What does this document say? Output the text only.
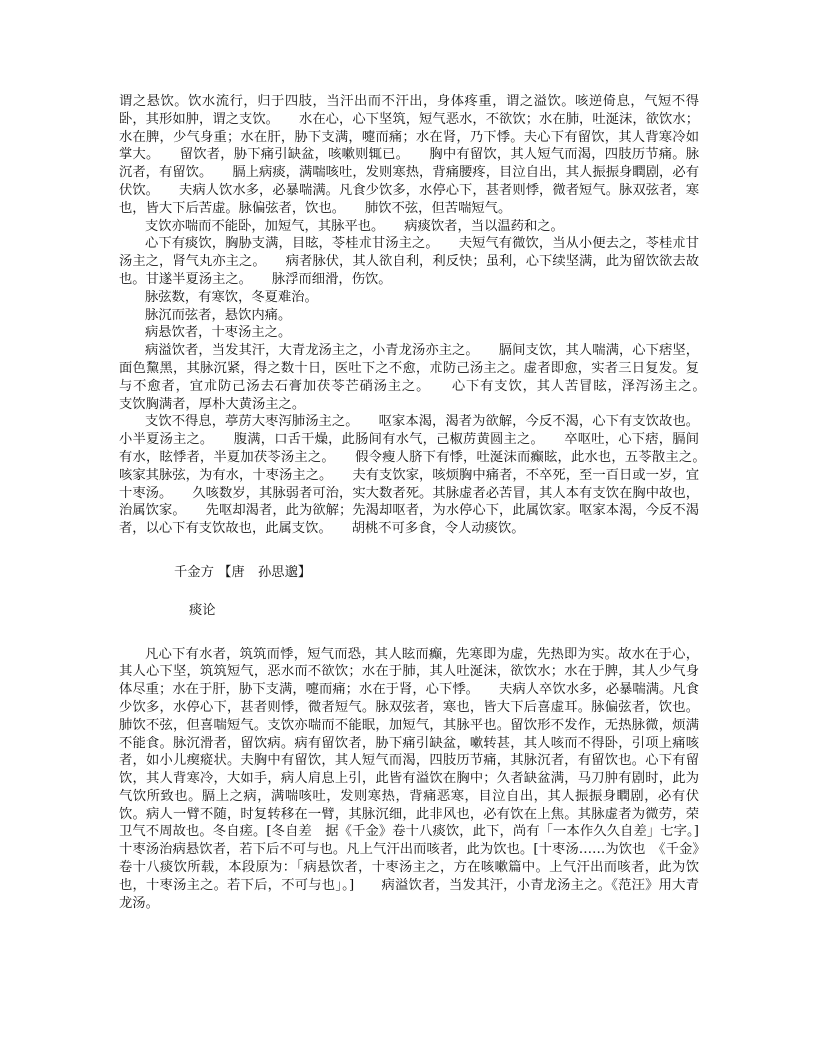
谓之悬饮。饮水流行，归于四肢，当汗出而不汗出，身体疼重，谓之溢饮。咳逆倚息，气短不得卧，其形如肿，谓之支饮。　　水在心，心下坚筑，短气恶水，不欲饮；水在肺，吐涎沫，欲饮水；水在脾，少气身重；水在肝，胁下支满，嚏而痛；水在肾，乃下悸。夫心下有留饮，其人背寒冷如掌大。　　留饮者，胁下痛引缺盆，咳嗽则辄已。　　胸中有留饮，其人短气而渴，四肢历节痛。脉沉者，有留饮。　　膈上病痰，满喘咳吐，发则寒热，背痛腰疼，目泣自出，其人振振身瞤剧，必有伏饮。　　夫病人饮水多，必暴喘满。凡食少饮多，水停心下，甚者则悸，微者短气。脉双弦者，寒也，皆大下后苦虚。脉偏弦者，饮也。　　肺饮不弦，但苦喘短气。

支饮亦喘而不能卧，加短气，其脉平也。　　病痰饮者，当以温药和之。

心下有痰饮，胸胁支满，目眩，苓桂朮甘汤主之。　　夫短气有微饮，当从小便去之，苓桂朮甘汤主之，肾气丸亦主之。　　病者脉伏，其人欲自利，利反快；虽利，心下续坚满，此为留饮欲去故也。甘遂半夏汤主之。　　脉浮而细滑，伤饮。

脉弦数，有寒饮，冬夏难治。

脉沉而弦者，悬饮内痛。

病悬饮者，十枣汤主之。

病溢饮者，当发其汗，大青龙汤主之，小青龙汤亦主之。　　膈间支饮，其人喘满，心下痞坚，面色黧黑，其脉沉紧，得之数十日，医吐下之不愈，朮防己汤主之。虚者即愈，实者三日复发。复与不愈者，宜朮防己汤去石膏加茯苓芒硝汤主之。　　心下有支饮，其人苦冒眩，泽泻汤主之。　　支饮胸满者，厚朴大黄汤主之。

支饮不得息，葶苈大枣泻肺汤主之。　　呕家本渴，渴者为欲解，今反不渴，心下有支饮故也。小半夏汤主之。　　腹满，口舌干燥，此肠间有水气，己椒苈黄圆主之。　　卒呕吐，心下痞，膈间有水，眩悸者，半夏加茯苓汤主之。　　假令瘦人脐下有悸，吐涎沫而癫眩，此水也，五苓散主之。　　咳家其脉弦，为有水，十枣汤主之。　　夫有支饮家，咳烦胸中痛者，不卒死，至一百日或一岁，宜十枣汤。　　久咳数岁，其脉弱者可治，实大数者死。其脉虚者必苦冒，其人本有支饮在胸中故也，治属饮家。　　先呕却渴者，此为欲解；先渴却呕者，为水停心下，此属饮家。呕家本渴，今反不渴者，以心下有支饮故也，此属支饮。　　胡桃不可多食，令人动痰饮。

千金方 【唐　孙思邈】

痰论

凡心下有水者，筑筑而悸，短气而恐，其人眩而癫，先寒即为虚，先热即为实。故水在于心，其人心下坚，筑筑短气，恶水而不欲饮；水在于肺，其人吐涎沫，欲饮水；水在于脾，其人少气身体尽重；水在于肝，胁下支满，嚏而痛；水在于肾，心下悸。　　夫病人卒饮水多，必暴喘满。凡食少饮多，水停心下，甚者则悸，微者短气。脉双弦者，寒也，皆大下后喜虚耳。脉偏弦者，饮也。肺饮不弦，但喜喘短气。支饮亦喘而不能眠，加短气，其脉平也。留饮形不发作，无热脉微，烦满不能食。脉沉滑者，留饮病。病有留饮者，胁下痛引缺盆，嗽转甚，其人咳而不得卧，引项上痛咳者，如小儿瘈瘲状。夫胸中有留饮，其人短气而渴，四肢历节痛，其脉沉者，有留饮也。心下有留饮，其人背寒冷，大如手，病人肩息上引，此皆有溢饮在胸中；久者缺盆满，马刀肿有剧时，此为气饮所致也。膈上之病，满喘咳吐，发则寒热，背痛恶寒，目泣自出，其人振振身瞤剧，必有伏饮。病人一臂不随，时复转移在一臂，其脉沉细，此非风也，必有饮在上焦。其脉虚者为微劳，荣卫气不周故也。冬自瘥。[冬自差　据《千金》卷十八痰饮，此下，尚有「一本作久久自差」七字。]　　十枣汤治病悬饮者，若下后不可与也。凡上气汗出而咳者，此为饮也。[十枣汤……为饮也　《千金》卷十八痰饮所载，本段原为：「病悬饮者，十枣汤主之，方在咳嗽篇中。上气汗出而咳者，此为饮也，十枣汤主之。若下后，不可与也」。]　　病溢饮者，当发其汗，小青龙汤主之。《范汪》用大青龙汤。
